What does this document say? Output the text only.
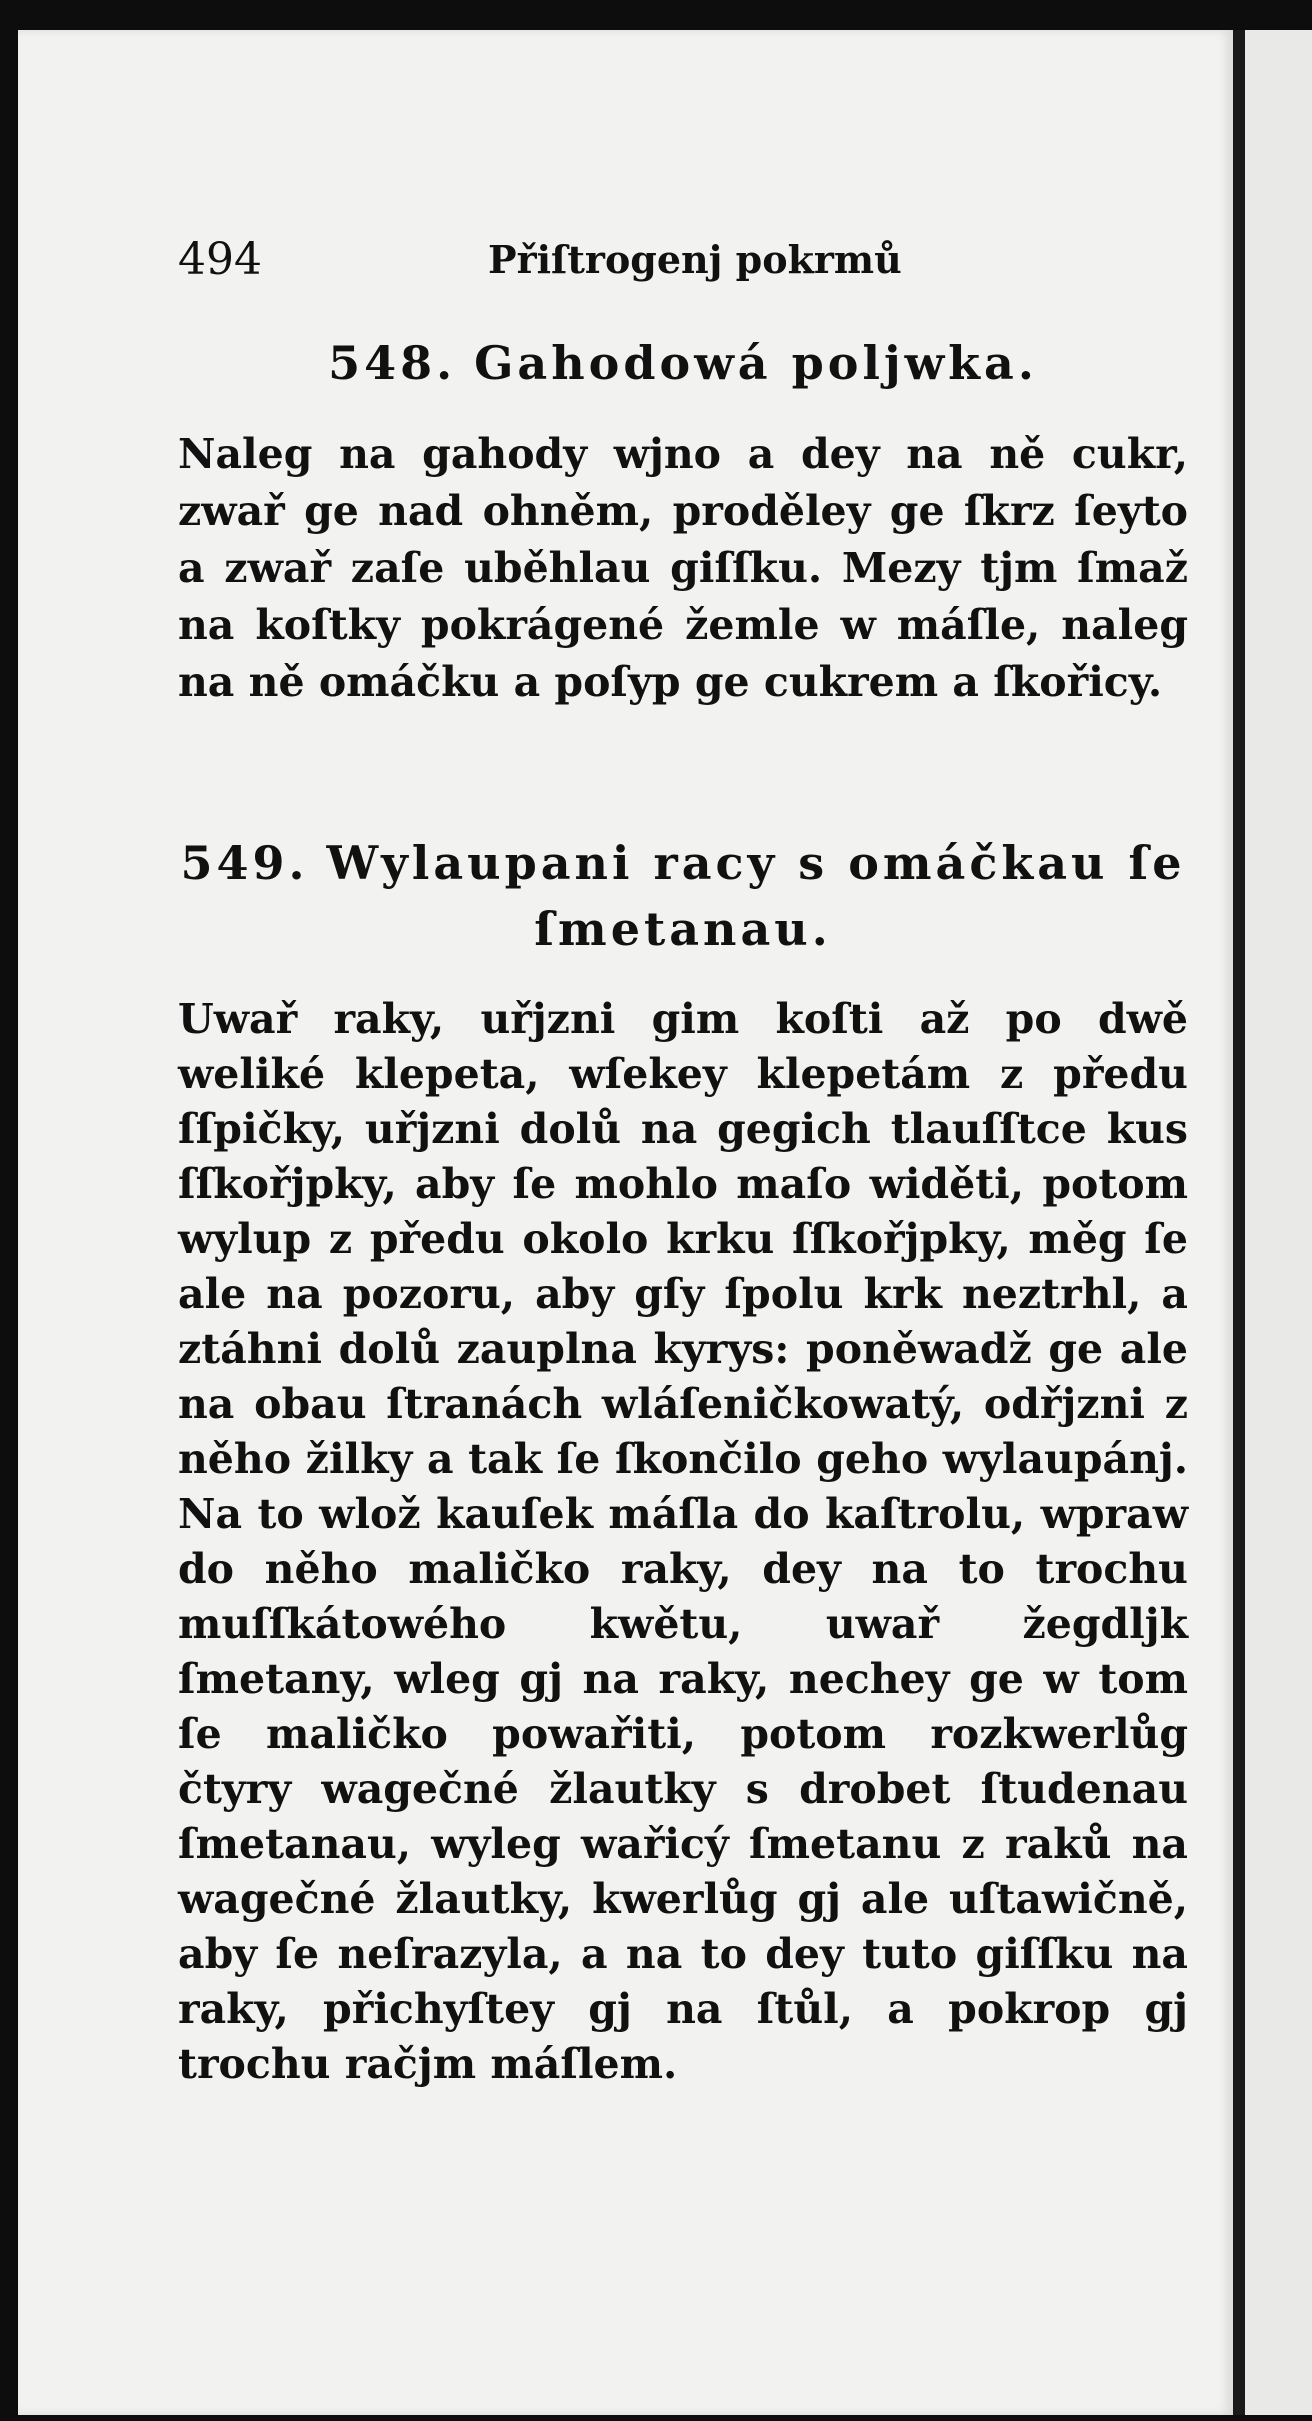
494	Přiſtrogenj pokrmů
548. Gahodowá poljwka.

Naleg na gahody wjno a dey na ně cukr, zwař ge nad ohněm, proděley ge ſkrz ſeyto a zwař zaſe uběhlau giſſku. Mezy tjm ſmaž na koſtky pokrágené žemle w máſle, naleg na ně omáčku a poſyp ge cukrem a ſkořicy.

549. Wylaupani racy s omáčkau ſe ſmetanau.

Uwař raky, uřjzni gim koſti až po dwě weliké klepeta, wſekey klepetám z předu ſſpičky, uřjzni dolů na gegich tlauſſtce kus ſſkořjpky, aby ſe mohlo maſo widěti, potom wylup z předu okolo krku ſſkořjpky, měg ſe ale na pozoru, aby gſy ſpolu krk neztrhl, a ztáhni dolů zauplna kyrys: poněwadž ge ale na obau ſtranách wláſeničkowatý, odřjzni z něho žilky a tak ſe ſkončilo geho wylaupánj. Na to wlož kauſek máſla do kaſtrolu, wpraw do něho maličko raky, dey na to trochu muſſkátowého kwětu, uwař žegdljk ſmetany, wleg gj na raky, nechey ge w tom ſe maličko powařiti, potom rozkwerlůg čtyry wagečné žlautky s drobet ſtudenau ſmetanau, wyleg wařicý ſmetanu z raků na wagečné žlautky, kwerlůg gj ale uſtawičně, aby ſe neſrazyla, a na to dey tuto giſſku na raky, přichyſtey gj na ſtůl, a pokrop gj trochu račjm máſlem.
